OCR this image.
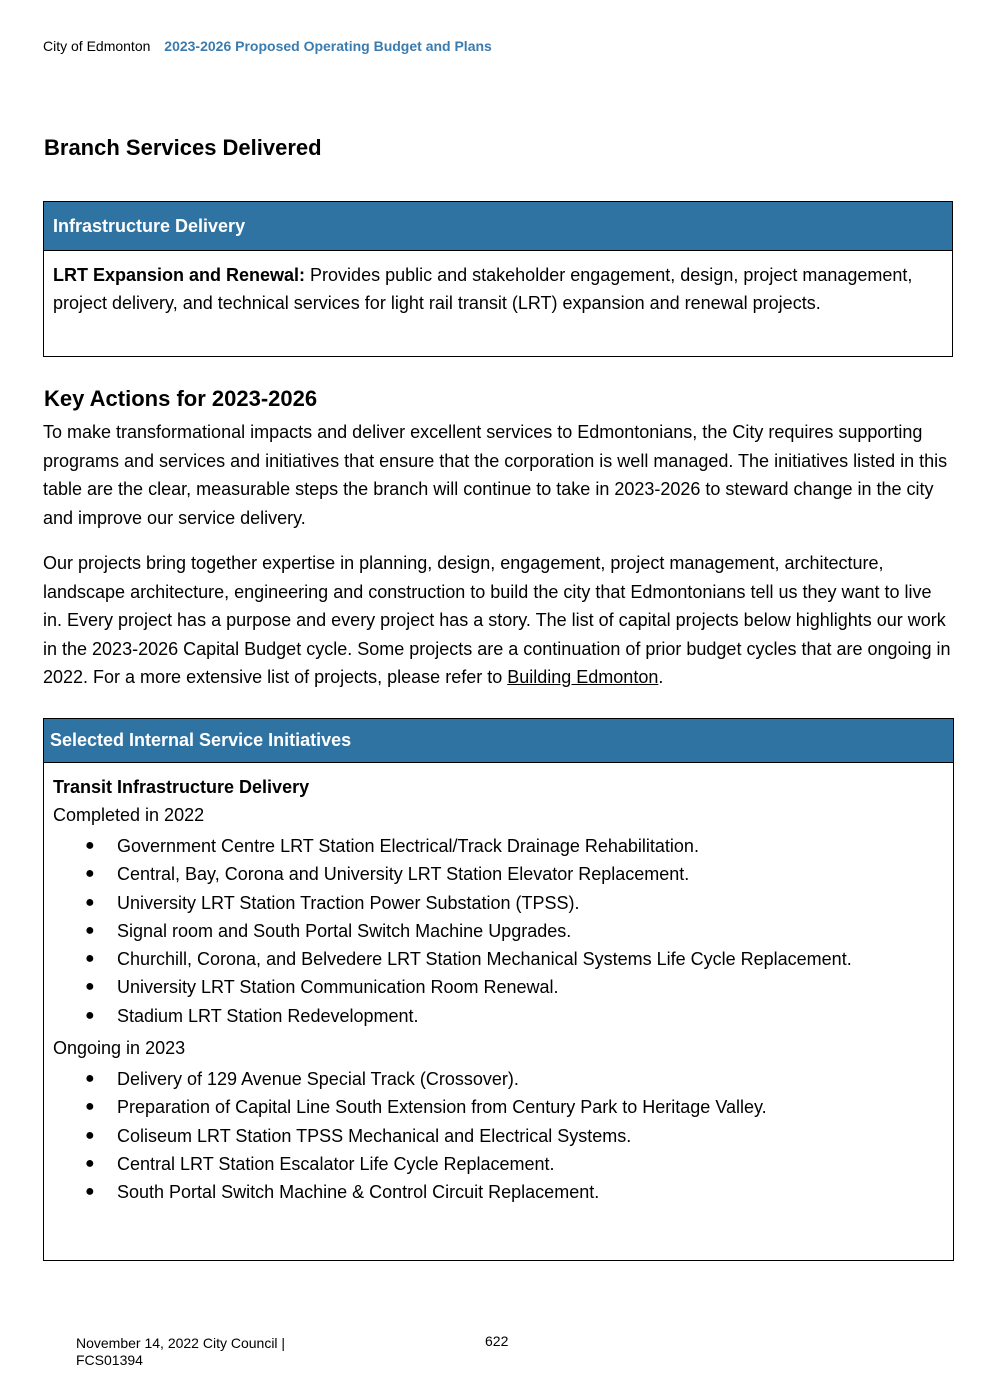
City of Edmonton 2023-2026 Proposed Operating Budget and Plans
Branch Services Delivered
Infrastructure Delivery
LRT Expansion and Renewal: Provides public and stakeholder engagement, design, project management, project delivery, and technical services for light rail transit (LRT) expansion and renewal projects.
Key Actions for 2023-2026

To make transformational impacts and deliver excellent services to Edmontonians, the City requires supporting programs and services and initiatives that ensure that the corporation is well managed. The initiatives listed in this table are the clear, measurable steps the branch will continue to take in 2023-2026 to steward change in the city and improve our service delivery.

Our projects bring together expertise in planning, design, engagement, project management, architecture, landscape architecture, engineering and construction to build the city that Edmontonians tell us they want to live in. Every project has a purpose and every project has a story. The list of capital projects below highlights our work in the 2023-2026 Capital Budget cycle. Some projects are a continuation of prior budget cycles that are ongoing in 2022. For a more extensive list of projects, please refer to Building Edmonton.

Selected Internal Service Initiatives
Transit Infrastructure Delivery
Completed in 2022
● Government Centre LRT Station Electrical/Track Drainage Rehabilitation.
● Central, Bay, Corona and University LRT Station Elevator Replacement.
● University LRT Station Traction Power Substation (TPSS).
● Signal room and South Portal Switch Machine Upgrades.
● Churchill, Corona, and Belvedere LRT Station Mechanical Systems Life Cycle Replacement.
● University LRT Station Communication Room Renewal.
● Stadium LRT Station Redevelopment.
Ongoing in 2023
● Delivery of 129 Avenue Special Track (Crossover).
● Preparation of Capital Line South Extension from Century Park to Heritage Valley.
● Coliseum LRT Station TPSS Mechanical and Electrical Systems.
● Central LRT Station Escalator Life Cycle Replacement.
● South Portal Switch Machine & Control Circuit Replacement.
November 14, 2022 City Council |
FCS01394
622
